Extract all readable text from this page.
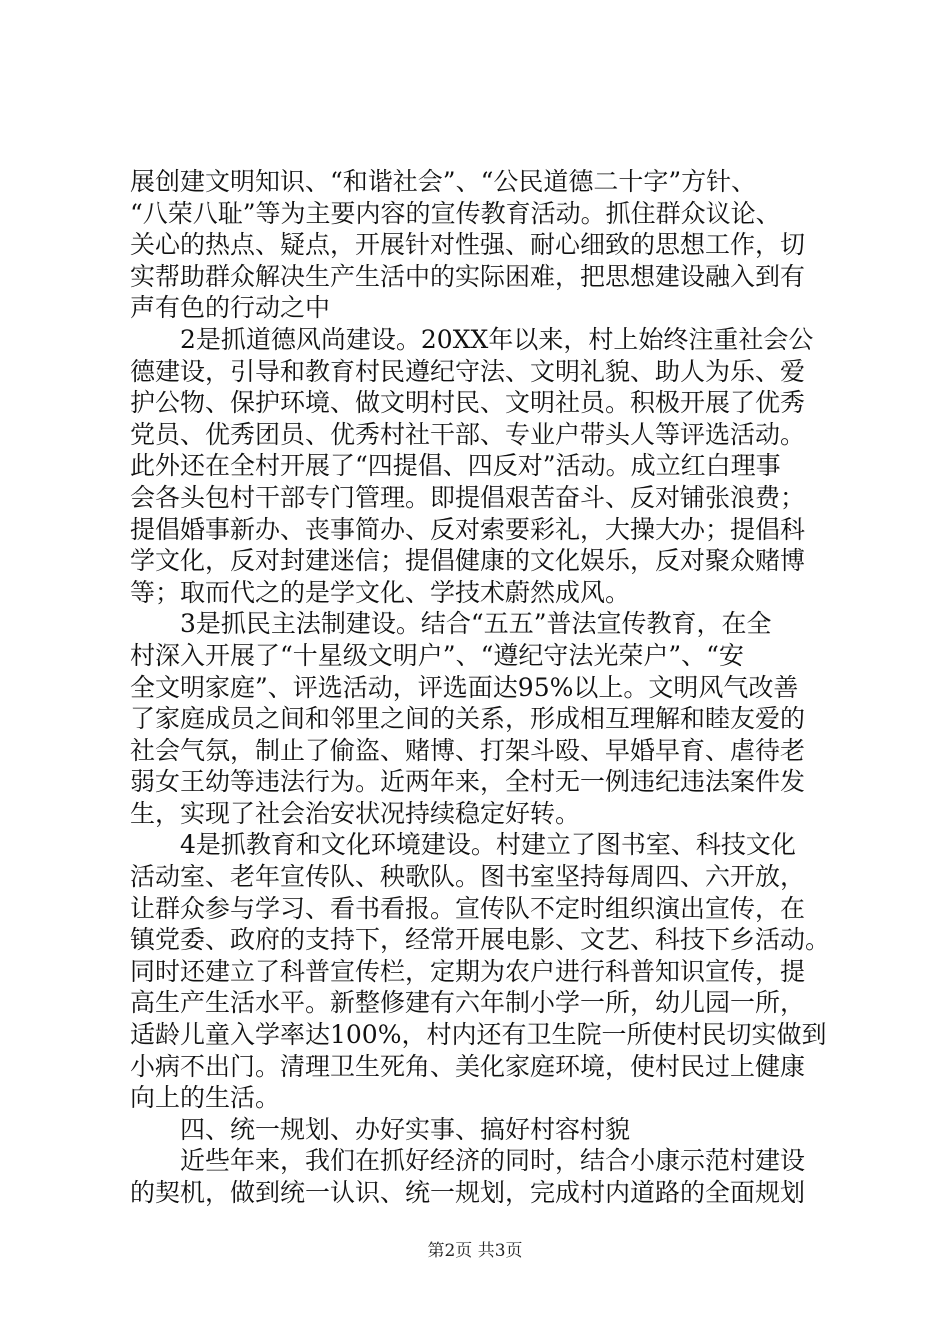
展创建文明知识、“和谐社会”、“公民道德二十字”方针、
“八荣八耻”等为主要内容的宣传教育活动。抓住群众议论、
关心的热点、疑点，开展针对性强、耐心细致的思想工作，切
实帮助群众解决生产生活中的实际困难，把思想建设融入到有
声有色的行动之中
2是抓道德风尚建设。20XX年以来，村上始终注重社会公
德建设，引导和教育村民遵纪守法、文明礼貌、助人为乐、爱
护公物、保护环境、做文明村民、文明社员。积极开展了优秀
党员、优秀团员、优秀村社干部、专业户带头人等评选活动。
此外还在全村开展了“四提倡、四反对”活动。成立红白理事
会各头包村干部专门管理。即提倡艰苦奋斗、反对铺张浪费；
提倡婚事新办、丧事简办、反对索要彩礼，大操大办；提倡科
学文化，反对封建迷信；提倡健康的文化娱乐，反对聚众赌博
等；取而代之的是学文化、学技术蔚然成风。
3是抓民主法制建设。结合“五五”普法宣传教育，在全
村深入开展了“十星级文明户”、“遵纪守法光荣户”、“安
全文明家庭”、评选活动，评选面达95%以上。文明风气改善
了家庭成员之间和邻里之间的关系，形成相互理解和睦友爱的
社会气氛，制止了偷盗、赌博、打架斗殴、早婚早育、虐待老
弱女王幼等违法行为。近两年来，全村无一例违纪违法案件发
生，实现了社会治安状况持续稳定好转。
4是抓教育和文化环境建设。村建立了图书室、科技文化
活动室、老年宣传队、秧歌队。图书室坚持每周四、六开放，
让群众参与学习、看书看报。宣传队不定时组织演出宣传，在
镇党委、政府的支持下，经常开展电影、文艺、科技下乡活动。
同时还建立了科普宣传栏，定期为农户进行科普知识宣传，提
高生产生活水平。新整修建有六年制小学一所，幼儿园一所，
适龄儿童入学率达100%，村内还有卫生院一所使村民切实做到
小病不出门。清理卫生死角、美化家庭环境，使村民过上健康
向上的生活。
四、统一规划、办好实事、搞好村容村貌
近些年来，我们在抓好经济的同时，结合小康示范村建设
的契机，做到统一认识、统一规划，完成村内道路的全面规划
第2页 共3页
